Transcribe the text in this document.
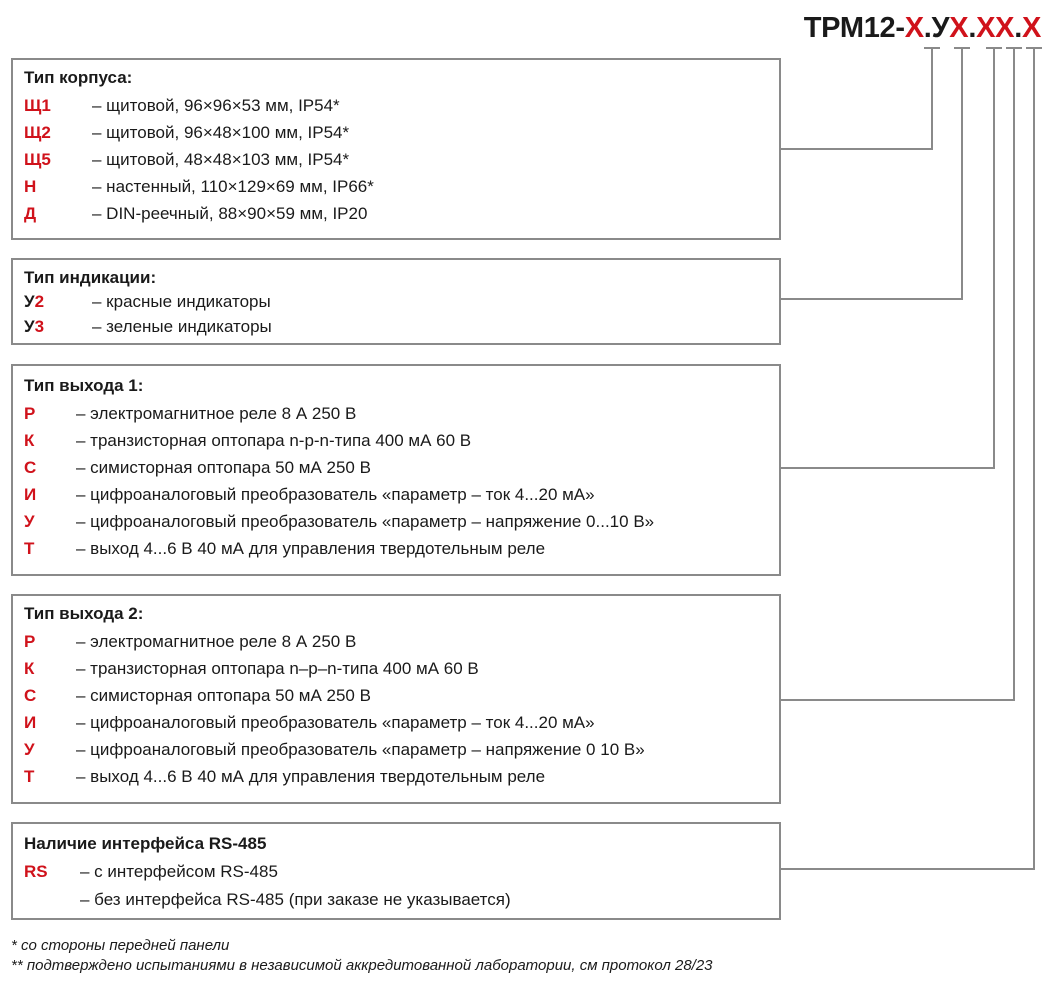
ТРМ12-X.УX.XX.X
Тип корпуса:
Щ1 – щитовой, 96×96×53 мм, IP54*
Щ2 – щитовой, 96×48×100 мм, IP54*
Щ5 – щитовой, 48×48×103 мм, IP54*
Н	– настенный, 110×129×69 мм, IP66*
Д	– DIN-реечный, 88×90×59 мм, IP20
Тип индикации:
У2	– красные индикаторы
У3	– зеленые индикаторы
Тип выхода 1:
Р – электромагнитное реле 8 А 250 В
К – транзисторная оптопара n-p-n-типа 400 мА 60 В
С – симисторная оптопара 50 мА 250 В
И – цифроаналоговый преобразователь «параметр – ток 4...20 мА»
У – цифроаналоговый преобразователь «параметр – напряжение 0...10 В»
Т – выход 4...6 В 40 мА для управления твердотельным реле
Тип выхода 2:
Р – электромагнитное реле 8 А 250 В
К – транзисторная оптопара n–p–n-типа 400 мА 60 В
С – симисторная оптопара 50 мА 250 В
И – цифроаналоговый преобразователь «параметр – ток 4...20 мА»
У – цифроаналоговый преобразователь «параметр – напряжение 0 10 В»
Т – выход 4...6 В 40 мА для управления твердотельным реле
Наличие интерфейса RS-485
RS – с интерфейсом RS-485
– без интерфейса RS-485 (при заказе не указывается)
* со стороны передней панели
** подтверждено испытаниями в независимой аккредитованной лаборатории, см протокол 28/23
